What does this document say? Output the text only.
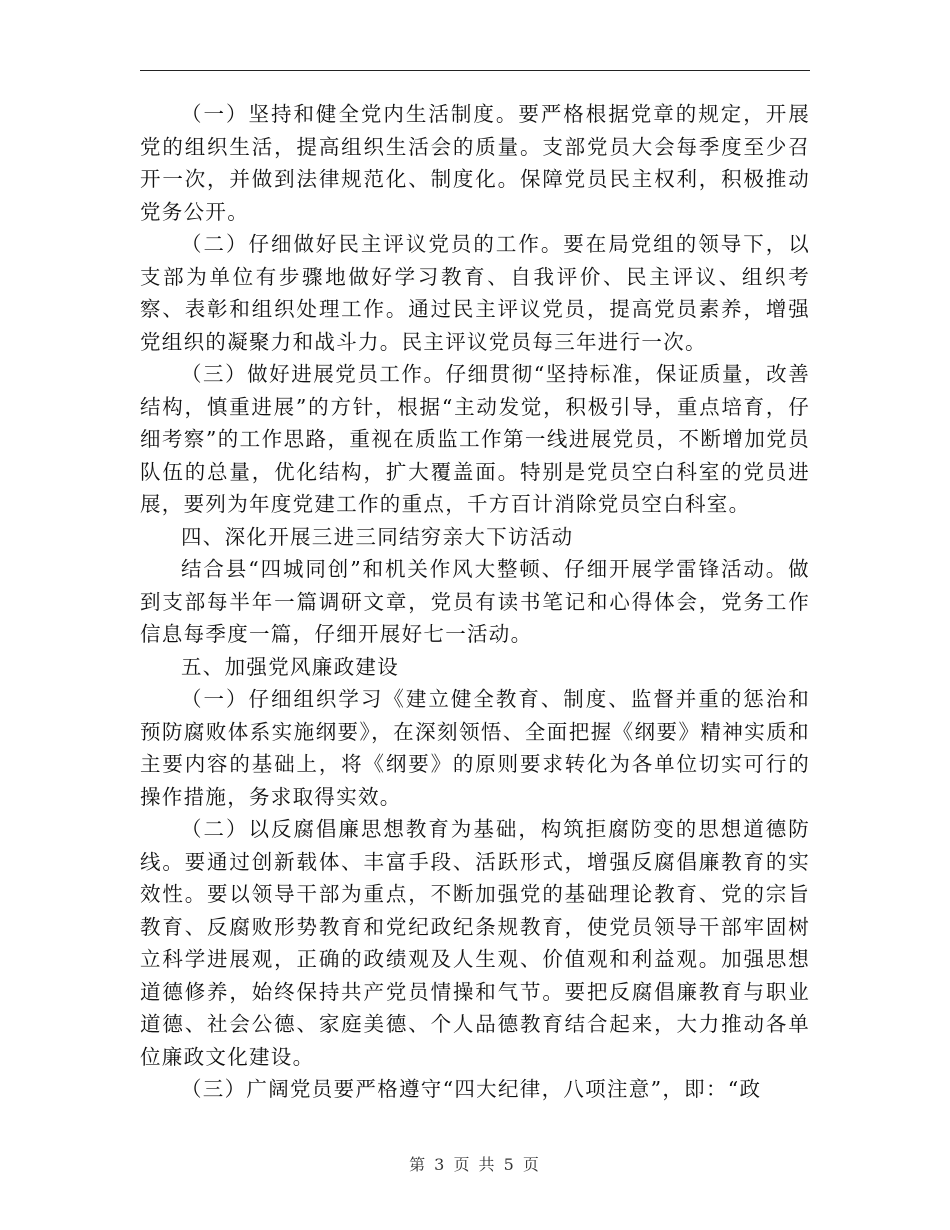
（一）坚持和健全党内生活制度。要严格根据党章的规定，开展党的组织生活，提高组织生活会的质量。支部党员大会每季度至少召开一次，并做到法律规范化、制度化。保障党员民主权利，积极推动党务公开。

（二）仔细做好民主评议党员的工作。要在局党组的领导下，以支部为单位有步骤地做好学习教育、自我评价、民主评议、组织考察、表彰和组织处理工作。通过民主评议党员，提高党员素养，增强党组织的凝聚力和战斗力。民主评议党员每三年进行一次。

（三）做好进展党员工作。仔细贯彻“坚持标准，保证质量，改善结构，慎重进展”的方针，根据“主动发觉，积极引导，重点培育，仔细考察”的工作思路，重视在质监工作第一线进展党员，不断增加党员队伍的总量，优化结构，扩大覆盖面。特别是党员空白科室的党员进展，要列为年度党建工作的重点，千方百计消除党员空白科室。

四、深化开展三进三同结穷亲大下访活动

结合县“四城同创”和机关作风大整顿、仔细开展学雷锋活动。做到支部每半年一篇调研文章，党员有读书笔记和心得体会，党务工作信息每季度一篇，仔细开展好七一活动。

五、加强党风廉政建设

（一）仔细组织学习《建立健全教育、制度、监督并重的惩治和预防腐败体系实施纲要》，在深刻领悟、全面把握《纲要》精神实质和主要内容的基础上，将《纲要》的原则要求转化为各单位切实可行的操作措施，务求取得实效。

（二）以反腐倡廉思想教育为基础，构筑拒腐防变的思想道德防线。要通过创新载体、丰富手段、活跃形式，增强反腐倡廉教育的实效性。要以领导干部为重点，不断加强党的基础理论教育、党的宗旨教育、反腐败形势教育和党纪政纪条规教育，使党员领导干部牢固树立科学进展观，正确的政绩观及人生观、价值观和利益观。加强思想道德修养，始终保持共产党员情操和气节。要把反腐倡廉教育与职业道德、社会公德、家庭美德、个人品德教育结合起来，大力推动各单位廉政文化建设。

（三）广阔党员要严格遵守“四大纪律，八项注意”，即：“政

第 3 页 共 5 页
